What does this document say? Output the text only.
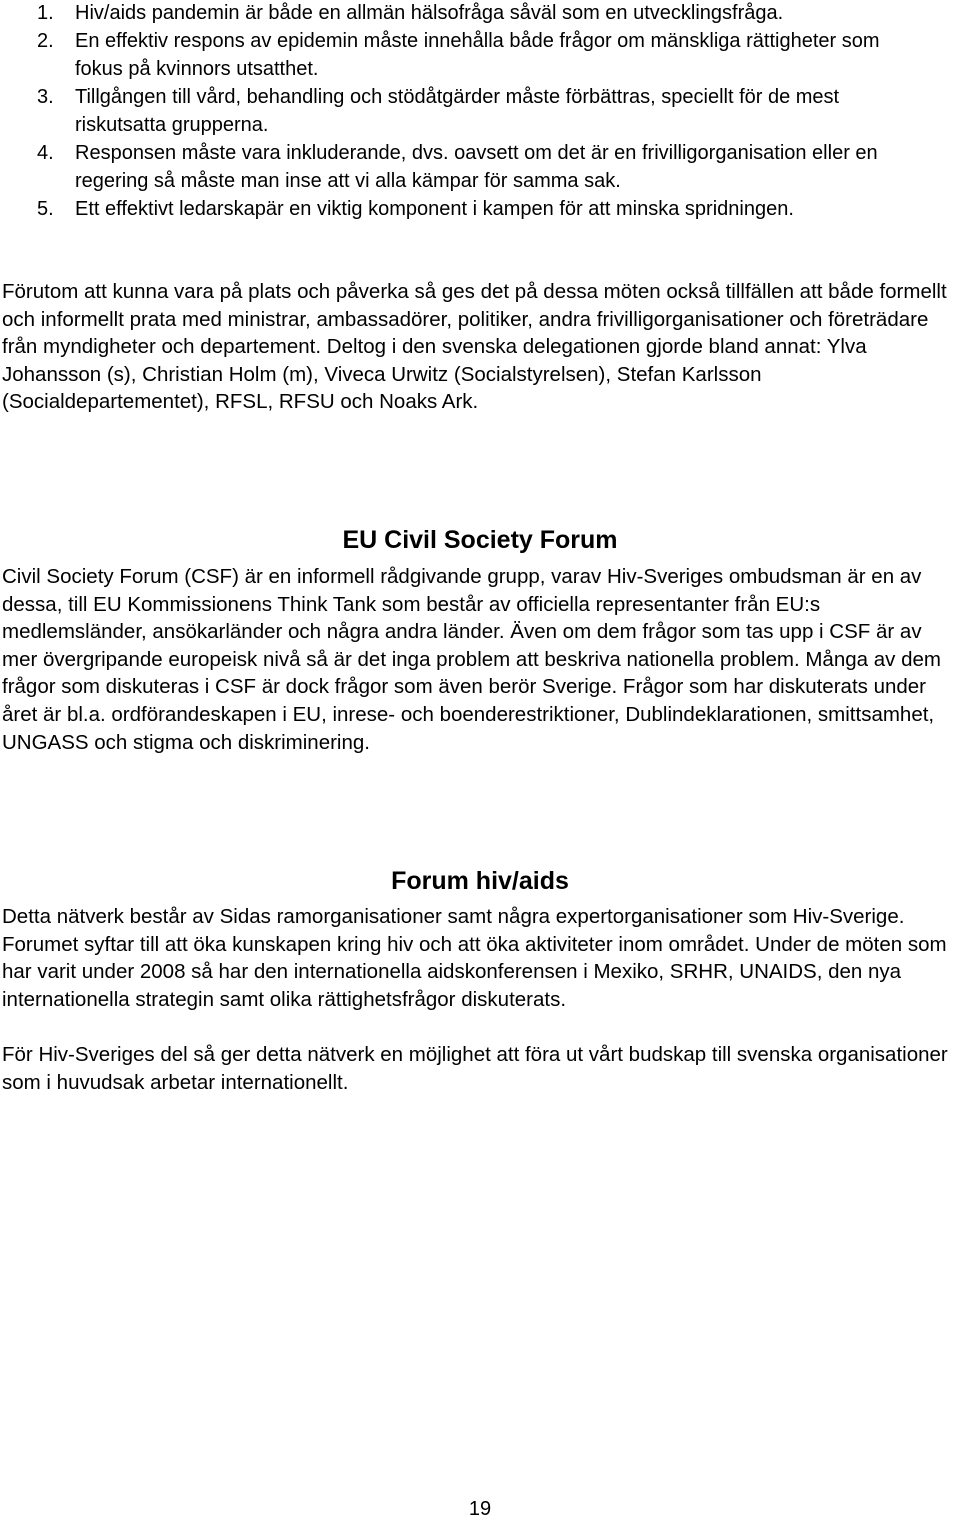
1. Hiv/aids pandemin är både en allmän hälsofråga såväl som en utvecklingsfråga.
2. En effektiv respons av epidemin måste innehålla både frågor om mänskliga rättigheter som fokus på kvinnors utsatthet.
3. Tillgången till vård, behandling och stödåtgärder måste förbättras, speciellt för de mest riskutsatta grupperna.
4. Responsen måste vara inkluderande, dvs. oavsett om det är en frivilligorganisation eller en regering så måste man inse att vi alla kämpar för samma sak.
5. Ett effektivt ledarskapär en viktig komponent i kampen för att minska spridningen.

Förutom att kunna vara på plats och påverka så ges det på dessa möten också tillfällen att både formellt och informellt prata med ministrar, ambassadörer, politiker, andra frivilligorganisationer och företrädare från myndigheter och departement. Deltog i den svenska delegationen gjorde bland annat: Ylva Johansson (s), Christian Holm (m), Viveca Urwitz (Socialstyrelsen), Stefan Karlsson (Socialdepartementet), RFSL, RFSU och Noaks Ark.

EU Civil Society Forum

Civil Society Forum (CSF) är en informell rådgivande grupp, varav Hiv-Sveriges ombudsman är en av dessa, till EU Kommissionens Think Tank som består av officiella representanter från EU:s medlemsländer, ansökarländer och några andra länder. Även om dem frågor som tas upp i CSF är av mer övergripande europeisk nivå så är det inga problem att beskriva nationella problem. Många av dem frågor som diskuteras i CSF är dock frågor som även berör Sverige. Frågor som har diskuterats under året är bl.a. ordförandeskapen i EU, inrese- och boenderestriktioner, Dublindeklarationen, smittsamhet, UNGASS och stigma och diskriminering.

Forum hiv/aids

Detta nätverk består av Sidas ramorganisationer samt några expertorganisationer som Hiv-Sverige. Forumet syftar till att öka kunskapen kring hiv och att öka aktiviteter inom området. Under de möten som har varit under 2008 så har den internationella aidskonferensen i Mexiko, SRHR, UNAIDS, den nya internationella strategin samt olika rättighetsfrågor diskuterats.

För Hiv-Sveriges del så ger detta nätverk en möjlighet att föra ut vårt budskap till svenska organisationer som i huvudsak arbetar internationellt.

19
